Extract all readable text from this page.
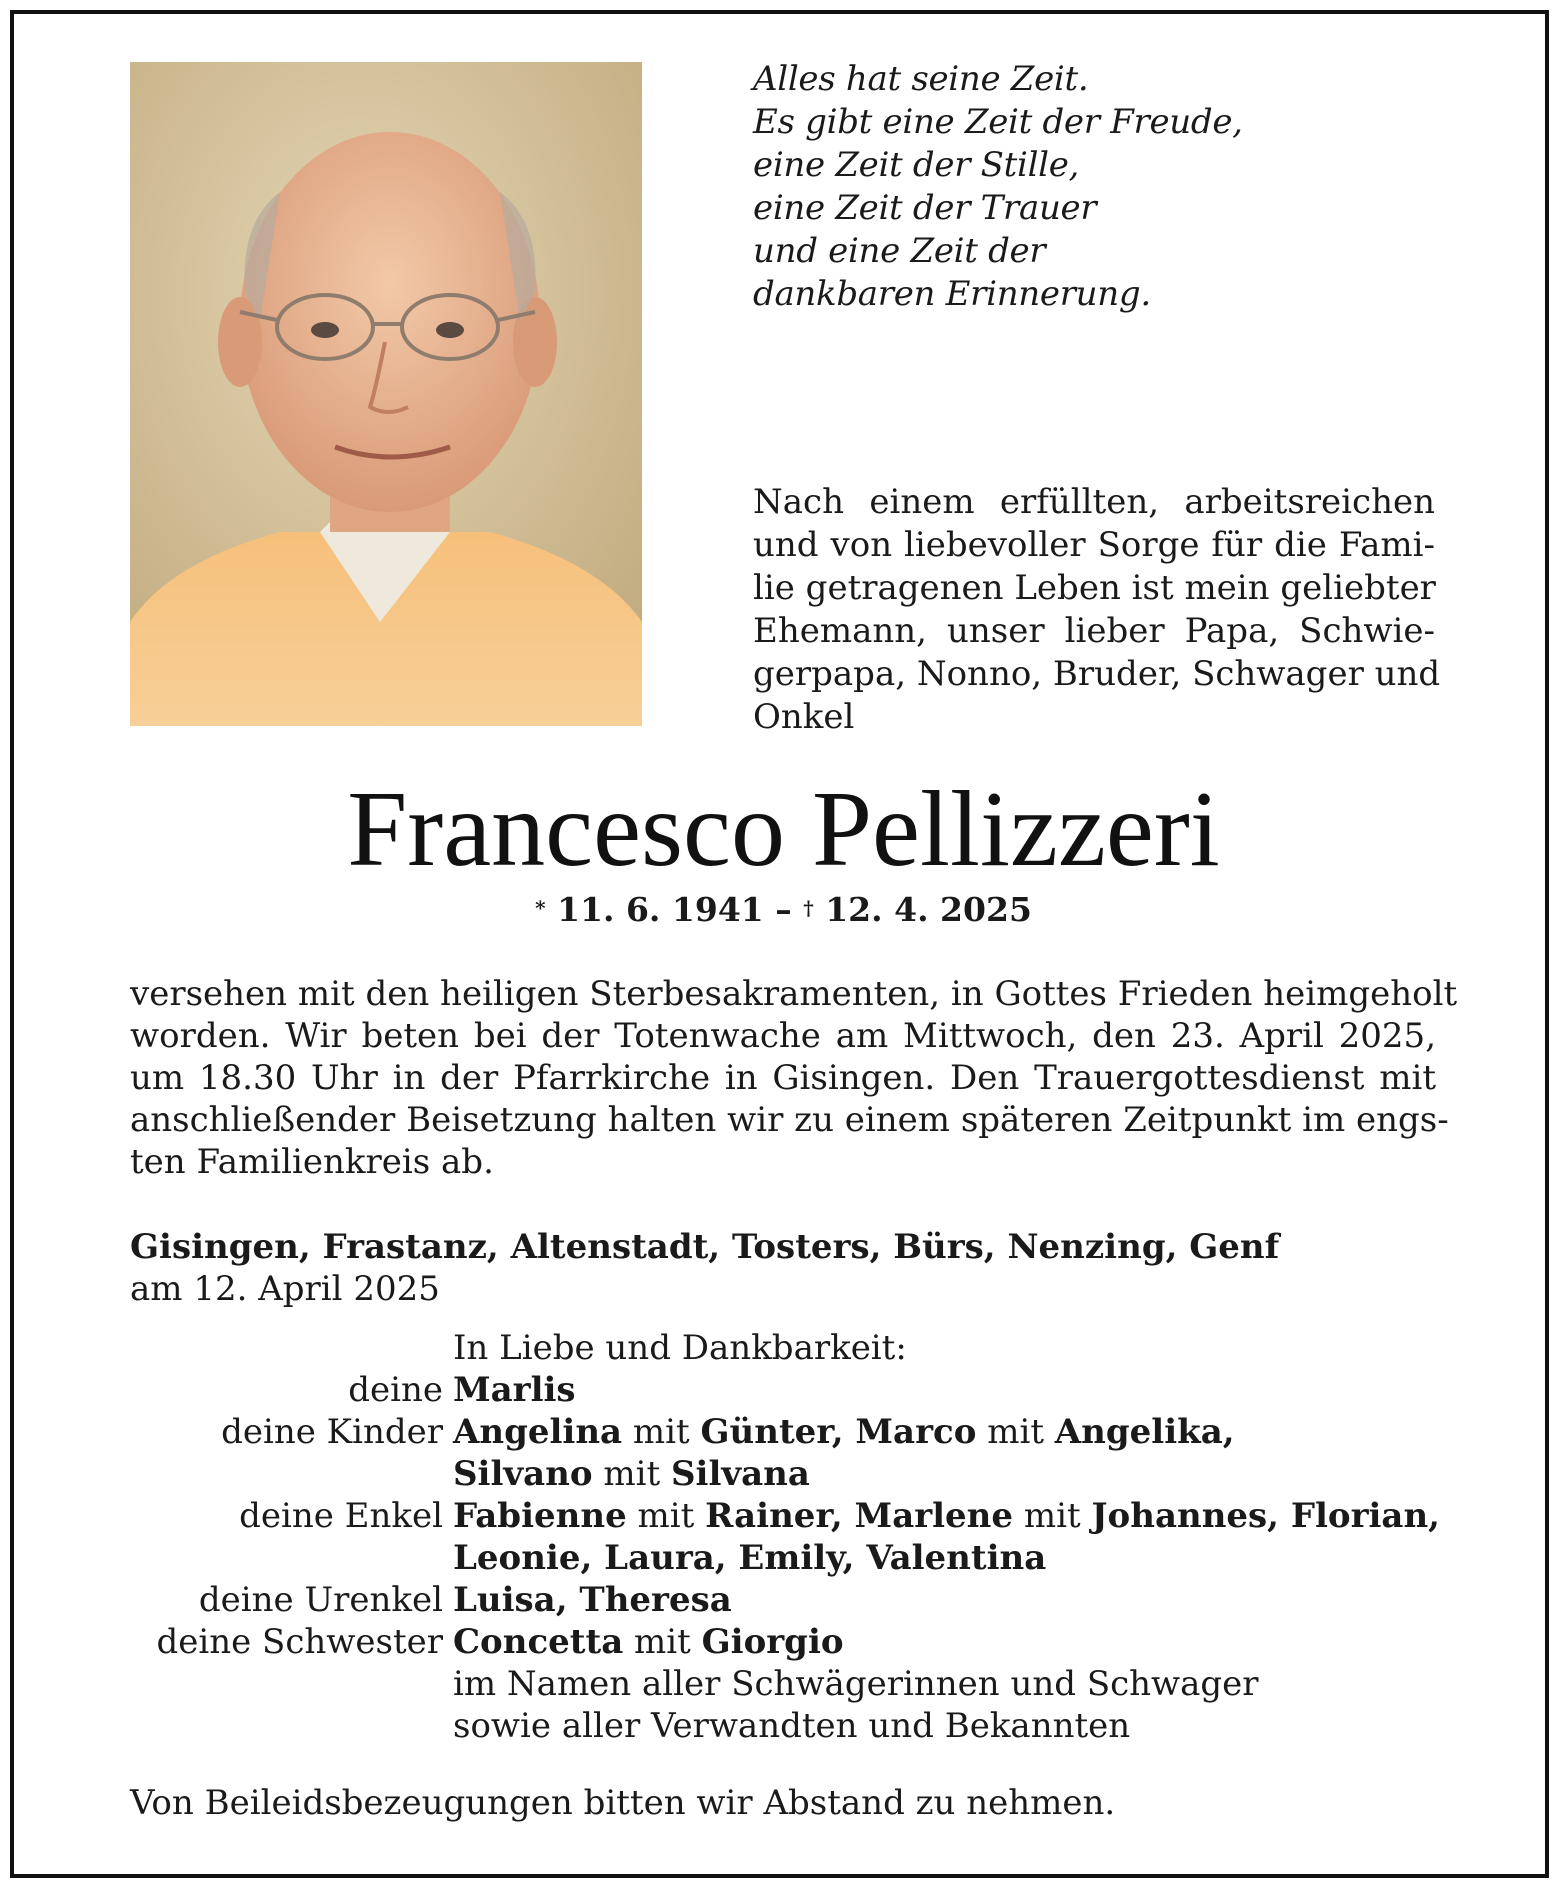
Alles hat seine Zeit.
Es gibt eine Zeit der Freude,
eine Zeit der Stille,
eine Zeit der Trauer
und eine Zeit der
dankbaren Erinnerung.
Nach einem erfüllten, arbeitsreichen
und von liebevoller Sorge für die Fami-
lie getragenen Leben ist mein geliebter
Ehemann, unser lieber Papa, Schwie-
gerpapa, Nonno, Bruder, Schwager und
Onkel
Francesco Pellizzeri
* 11. 6. 1941 – † 12. 4. 2025
versehen mit den heiligen Sterbesakramenten, in Gottes Frieden heimgeholt
worden. Wir beten bei der Totenwache am Mittwoch, den 23. April 2025,
um 18.30 Uhr in der Pfarrkirche in Gisingen. Den Trauergottesdienst mit
anschließender Beisetzung halten wir zu einem späteren Zeitpunkt im engs-
ten Familienkreis ab.
Gisingen, Frastanz, Altenstadt, Tosters, Bürs, Nenzing, Genf
am 12. April 2025
In Liebe und Dankbarkeit:
deine Marlis
deine Kinder Angelina mit Günter, Marco mit Angelika,
Silvano mit Silvana
deine Enkel Fabienne mit Rainer, Marlene mit Johannes, Florian,
Leonie, Laura, Emily, Valentina
deine Urenkel Luisa, Theresa
deine Schwester Concetta mit Giorgio
im Namen aller Schwägerinnen und Schwager
sowie aller Verwandten und Bekannten
Von Beileidsbezeugungen bitten wir Abstand zu nehmen.
